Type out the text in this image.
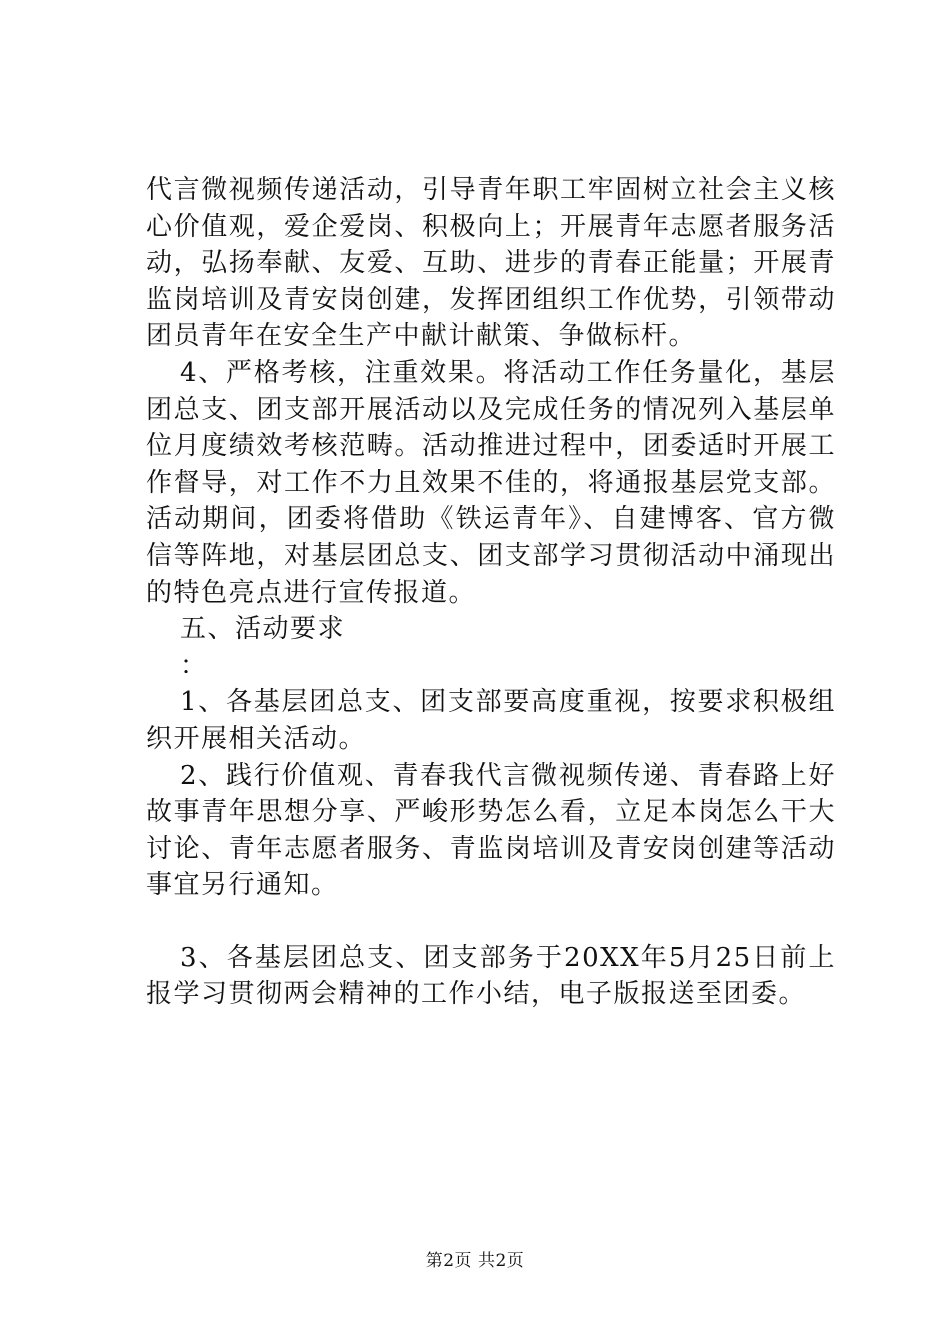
代言微视频传递活动，引导青年职工牢固树立社会主义核心价值观，爱企爱岗、积极向上；开展青年志愿者服务活动，弘扬奉献、友爱、互助、进步的青春正能量；开展青监岗培训及青安岗创建，发挥团组织工作优势，引领带动团员青年在安全生产中献计献策、争做标杆。

4、严格考核，注重效果。将活动工作任务量化，基层团总支、团支部开展活动以及完成任务的情况列入基层单位月度绩效考核范畴。活动推进过程中，团委适时开展工作督导，对工作不力且效果不佳的，将通报基层党支部。活动期间，团委将借助《铁运青年》、自建博客、官方微信等阵地，对基层团总支、团支部学习贯彻活动中涌现出的特色亮点进行宣传报道。

五、活动要求

：

1、各基层团总支、团支部要高度重视，按要求积极组织开展相关活动。

2、践行价值观、青春我代言微视频传递、青春路上好故事青年思想分享、严峻形势怎么看，立足本岗怎么干大讨论、青年志愿者服务、青监岗培训及青安岗创建等活动事宜另行通知。

3、各基层团总支、团支部务于20XX年5月25日前上报学习贯彻两会精神的工作小结，电子版报送至团委。

第2页 共2页
